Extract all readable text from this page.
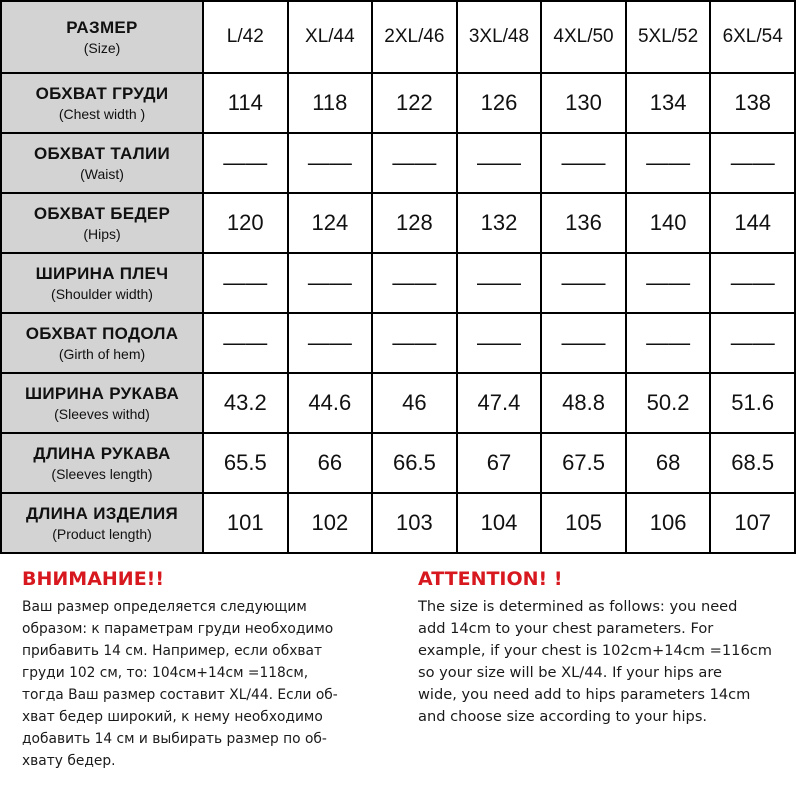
РАЗМЕР
(Size)	L/42	XL/44	2XL/46	3XL/48	4XL/50	5XL/52	6XL/54

ОБХВАТ ГРУДИ
(Chest width )	114	118	122	126	130	134	138

ОБХВАТ ТАЛИИ
(Waist)	——	——	——	——	——	——	——

ОБХВАТ БЕДЕР
(Hips)	120	124	128	132	136	140	144

ШИРИНА ПЛЕЧ
(Shoulder width)	——	——	——	——	——	——	——

ОБХВАТ ПОДОЛА
(Girth of hem)	——	——	——	——	——	——	——

ШИРИНА РУКАВА
(Sleeves withd)	43.2	44.6	46	47.4	48.8	50.2	51.6

ДЛИНА РУКАВА
(Sleeves length)	65.5	66	66.5	67	67.5	68	68.5

ДЛИНА ИЗДЕЛИЯ
(Product length)	101	102	103	104	105	106	107
ВНИМАНИЕ!!
Ваш размер определяется следующим
образом: к параметрам груди необходимо
прибавить 14 см. Например, если обхват
груди 102 см, то: 104см+14см =118см,
тогда Ваш размер составит XL/44. Если об-
хват бедер широкий, к нему необходимо
добавить 14 см и выбирать размер по об-
хвату бедер.
ATTENTION! !
The size is determined as follows: you need
add 14cm to your chest parameters. For
example, if your chest is 102cm+14cm =116cm
so your size will be XL/44. If your hips are
wide, you need add to hips parameters 14cm
and choose size according to your hips.
